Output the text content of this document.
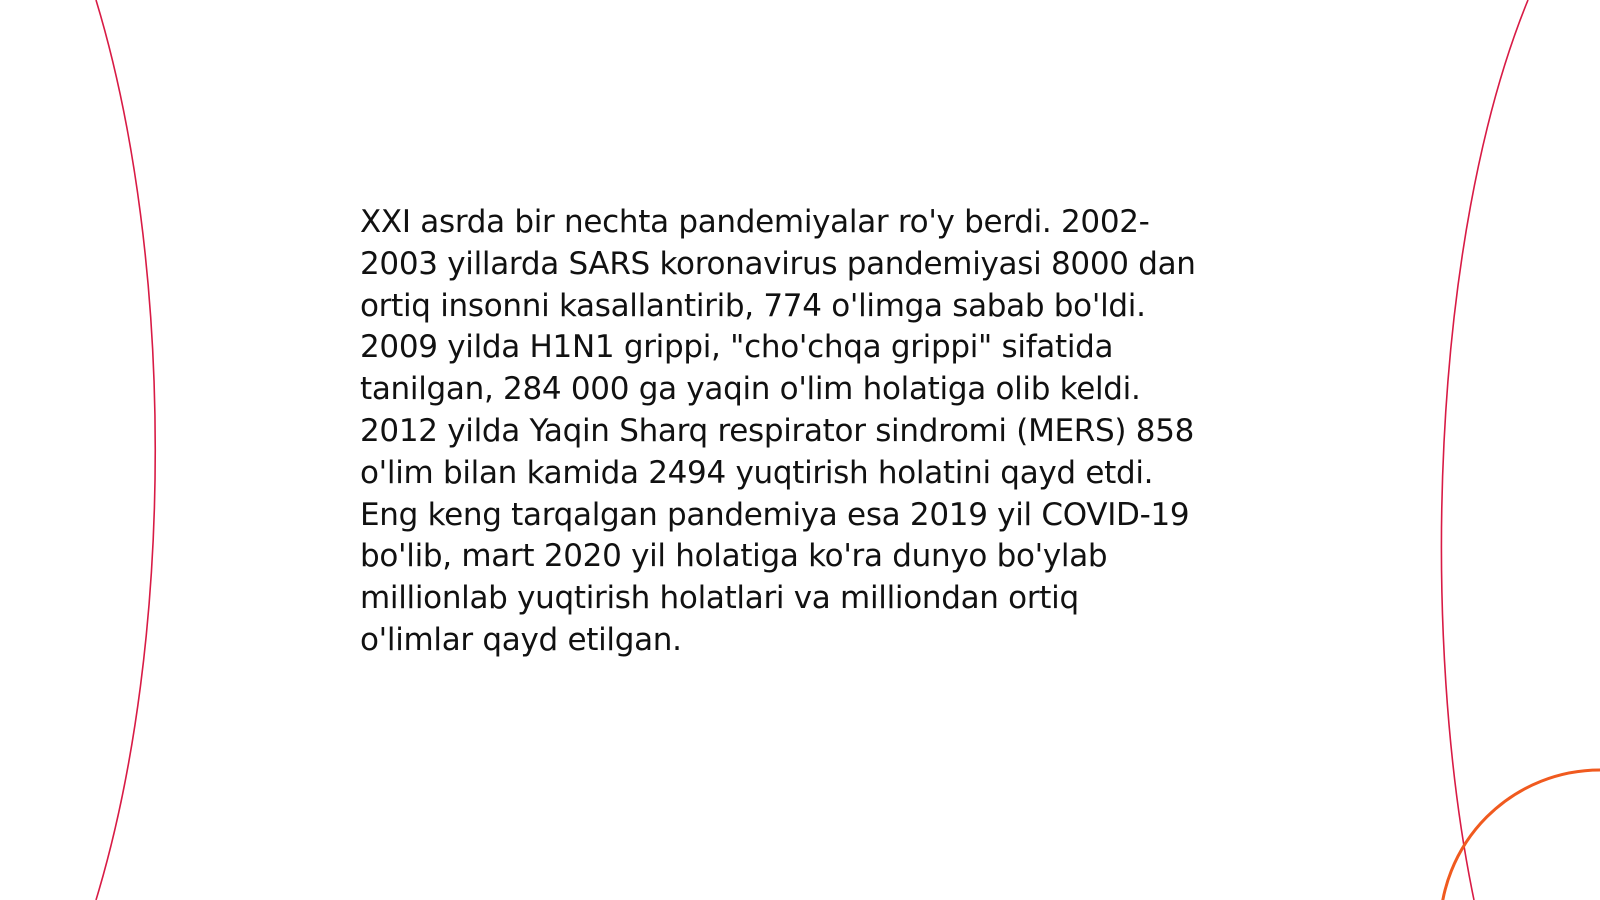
XXI asrda bir nechta pandemiyalar ro'y berdi. 2002-
2003 yillarda SARS koronavirus pandemiyasi 8000 dan
ortiq insonni kasallantirib, 774 o'limga sabab bo'ldi.
2009 yilda H1N1 grippi, "cho'chqa grippi" sifatida
tanilgan, 284 000 ga yaqin o'lim holatiga olib keldi.
2012 yilda Yaqin Sharq respirator sindromi (MERS) 858
o'lim bilan kamida 2494 yuqtirish holatini qayd etdi.
Eng keng tarqalgan pandemiya esa 2019 yil COVID-19
bo'lib, mart 2020 yil holatiga ko'ra dunyo bo'ylab
millionlab yuqtirish holatlari va milliondan ortiq
o'limlar qayd etilgan.
